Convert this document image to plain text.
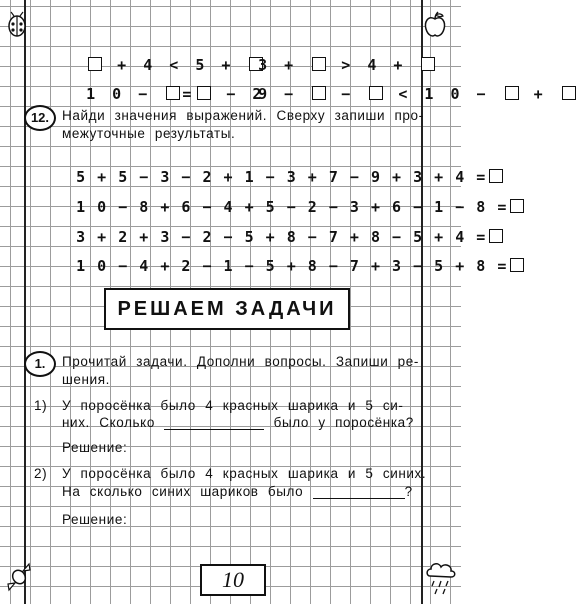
+ 4 < 5 +
3 +  > 4 +

1 0 − = − 2

9 −  −  < 1 0 −  +

12. Найди значения выражений. Сверху запиши про-
межуточные результаты.

5 + 5 − 3 − 2 + 1 − 3 + 7 − 9 + 3 + 4 =

1 0 − 8 + 6 − 4 + 5 − 2 − 3 + 6 − 1 − 8 =

3 + 2 + 3 − 2 − 5 + 8 − 7 + 8 − 5 + 4 =

1 0 − 4 + 2 − 1 − 5 + 8 − 7 + 3 − 5 + 8 =

РЕШАЕМ ЗАДАЧИ
1.	Прочитай задачи. Дополни вопросы. Запиши ре-
шения.
1) У поросёнка было 4 красных шарика и 5 си-
них. Сколько	было у поросёнка?
Решение:
2) У поросёнка было 4 красных шарика и 5 синих.
На сколько синих шариков было	?
Решение:
10
